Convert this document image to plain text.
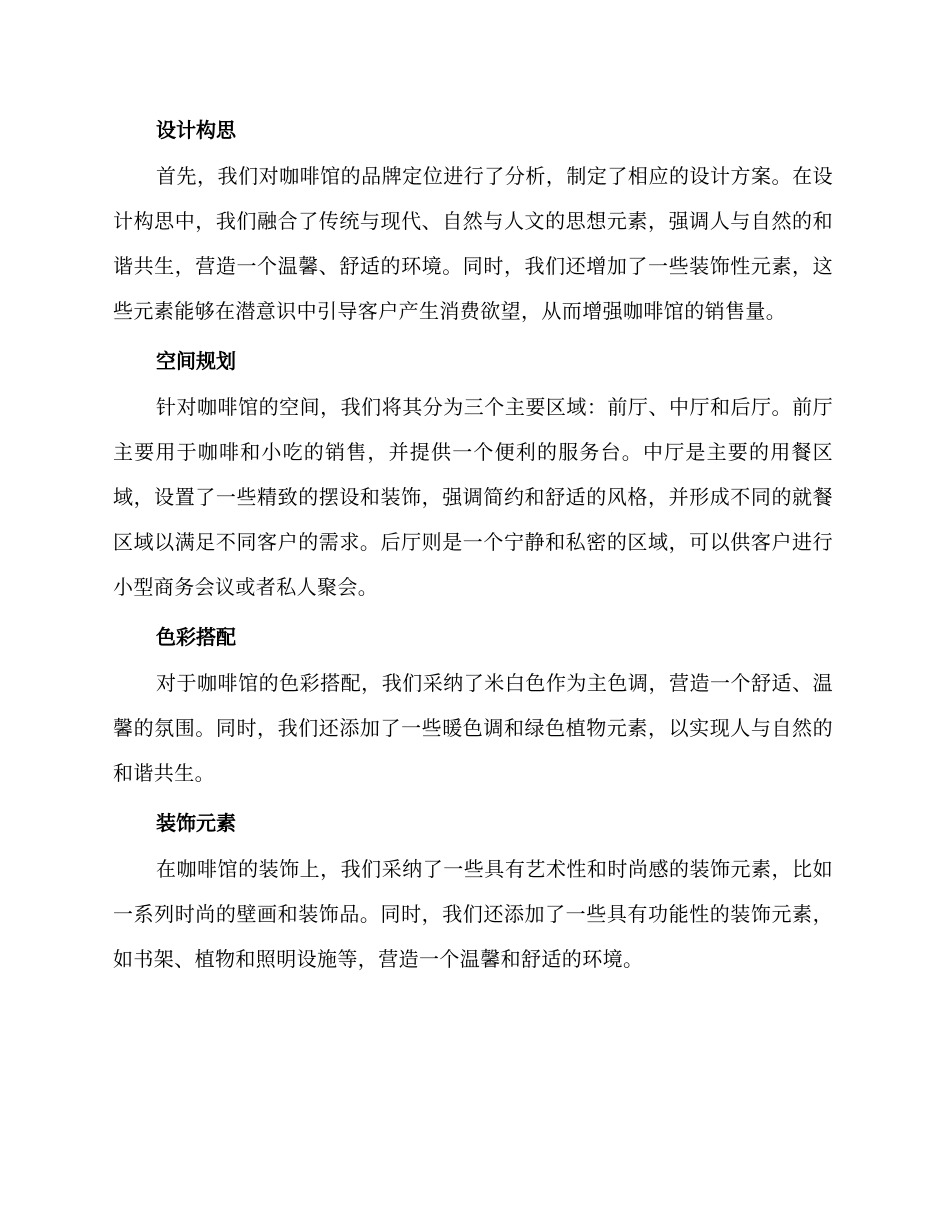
设计构思

首先，我们对咖啡馆的品牌定位进行了分析，制定了相应的设计方案。在设计构思中，我们融合了传统与现代、自然与人文的思想元素，强调人与自然的和谐共生，营造一个温馨、舒适的环境。同时，我们还增加了一些装饰性元素，这些元素能够在潜意识中引导客户产生消费欲望，从而增强咖啡馆的销售量。

空间规划

针对咖啡馆的空间，我们将其分为三个主要区域：前厅、中厅和后厅。前厅主要用于咖啡和小吃的销售，并提供一个便利的服务台。中厅是主要的用餐区域，设置了一些精致的摆设和装饰，强调简约和舒适的风格，并形成不同的就餐区域以满足不同客户的需求。后厅则是一个宁静和私密的区域，可以供客户进行小型商务会议或者私人聚会。

色彩搭配

对于咖啡馆的色彩搭配，我们采纳了米白色作为主色调，营造一个舒适、温馨的氛围。同时，我们还添加了一些暖色调和绿色植物元素，以实现人与自然的和谐共生。

装饰元素

在咖啡馆的装饰上，我们采纳了一些具有艺术性和时尚感的装饰元素，比如一系列时尚的壁画和装饰品。同时，我们还添加了一些具有功能性的装饰元素，如书架、植物和照明设施等，营造一个温馨和舒适的环境。
